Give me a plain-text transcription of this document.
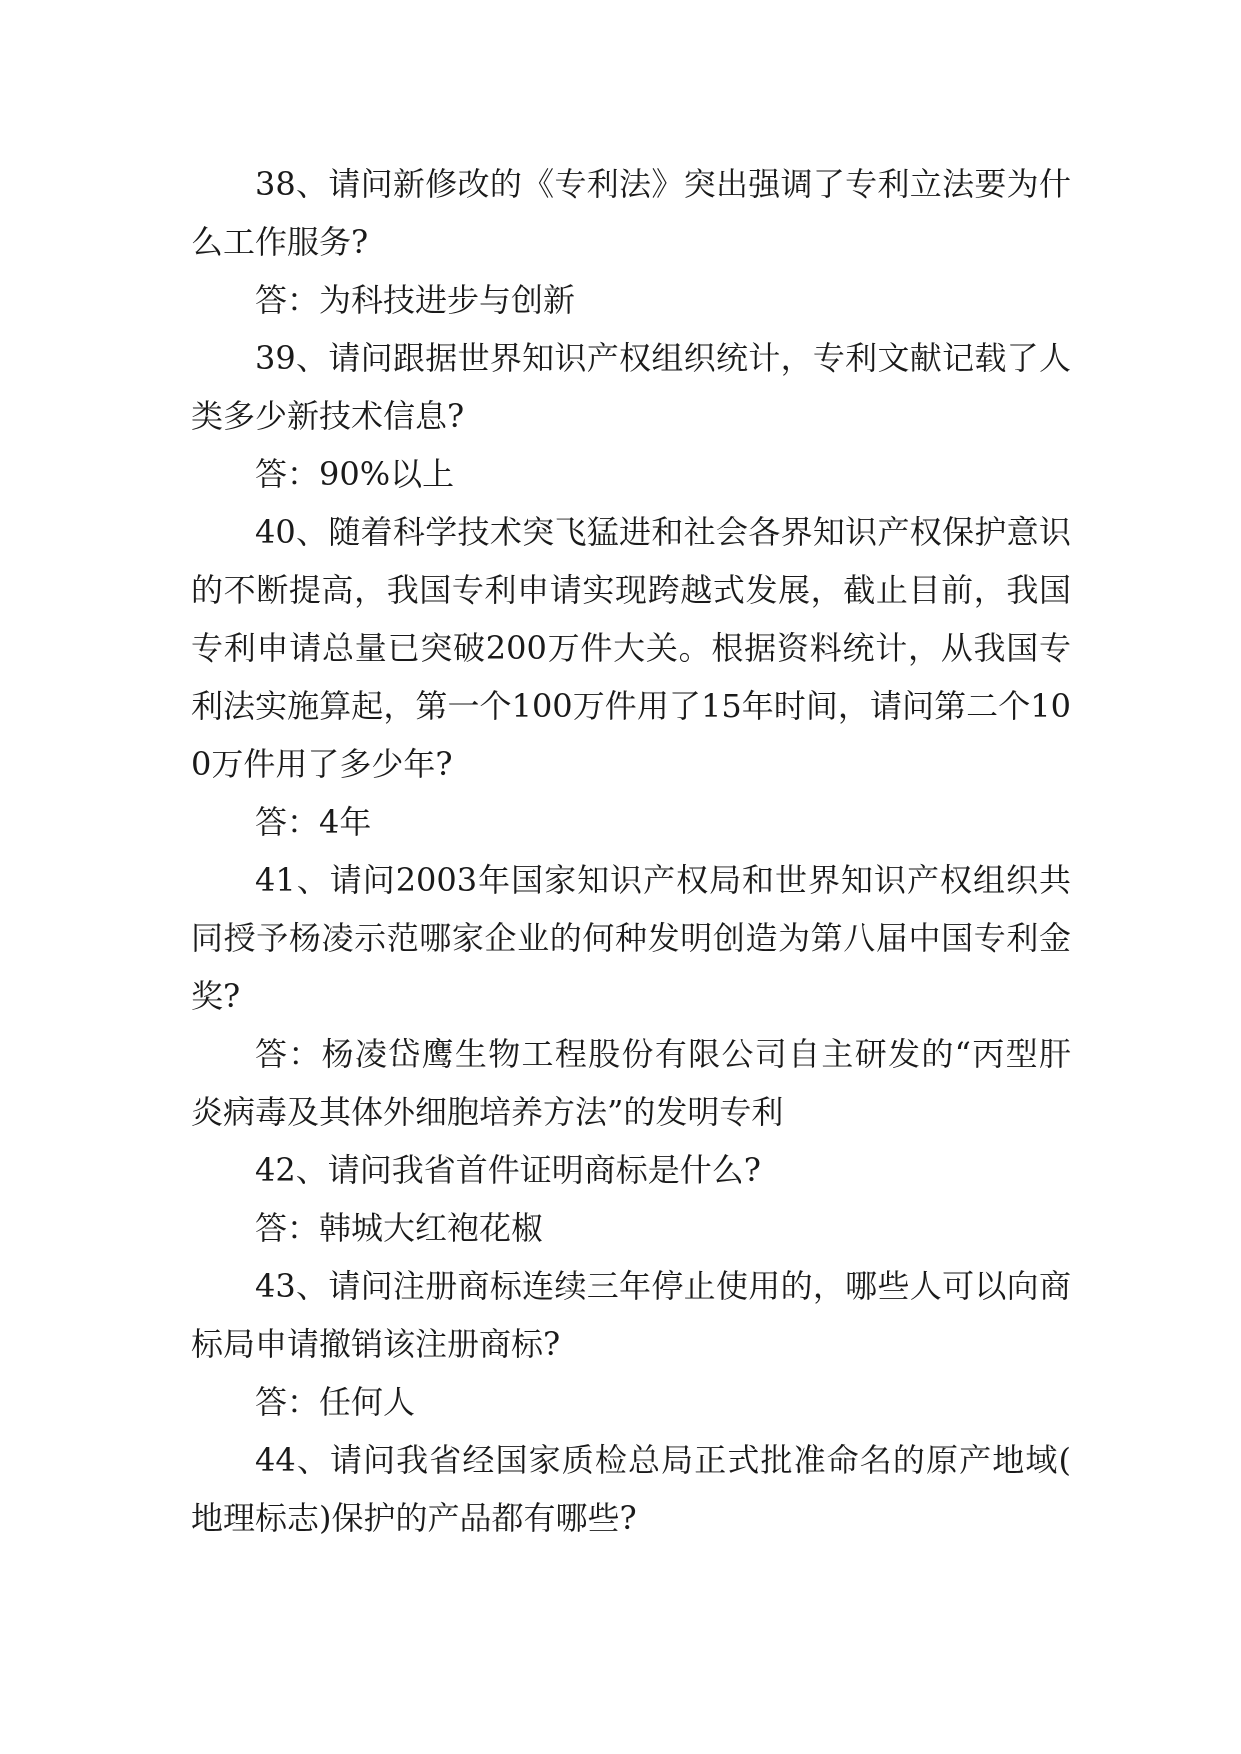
38、请问新修改的《专利法》突出强调了专利立法要为什么工作服务?

答：为科技进步与创新

39、请问跟据世界知识产权组织统计，专利文献记载了人类多少新技术信息?

答：90%以上

40、随着科学技术突飞猛进和社会各界知识产权保护意识的不断提高，我国专利申请实现跨越式发展，截止目前，我国专利申请总量已突破200万件大关。根据资料统计，从我国专利法实施算起，第一个100万件用了15年时间，请问第二个100万件用了多少年?

答：4年

41、请问2003年国家知识产权局和世界知识产权组织共同授予杨凌示范哪家企业的何种发明创造为第八届中国专利金奖?

答：杨凌岱鹰生物工程股份有限公司自主研发的“丙型肝炎病毒及其体外细胞培养方法”的发明专利

42、请问我省首件证明商标是什么?

答：韩城大红袍花椒

43、请问注册商标连续三年停止使用的，哪些人可以向商标局申请撤销该注册商标?

答：任何人

44、请问我省经国家质检总局正式批准命名的原产地域(地理标志)保护的产品都有哪些?
